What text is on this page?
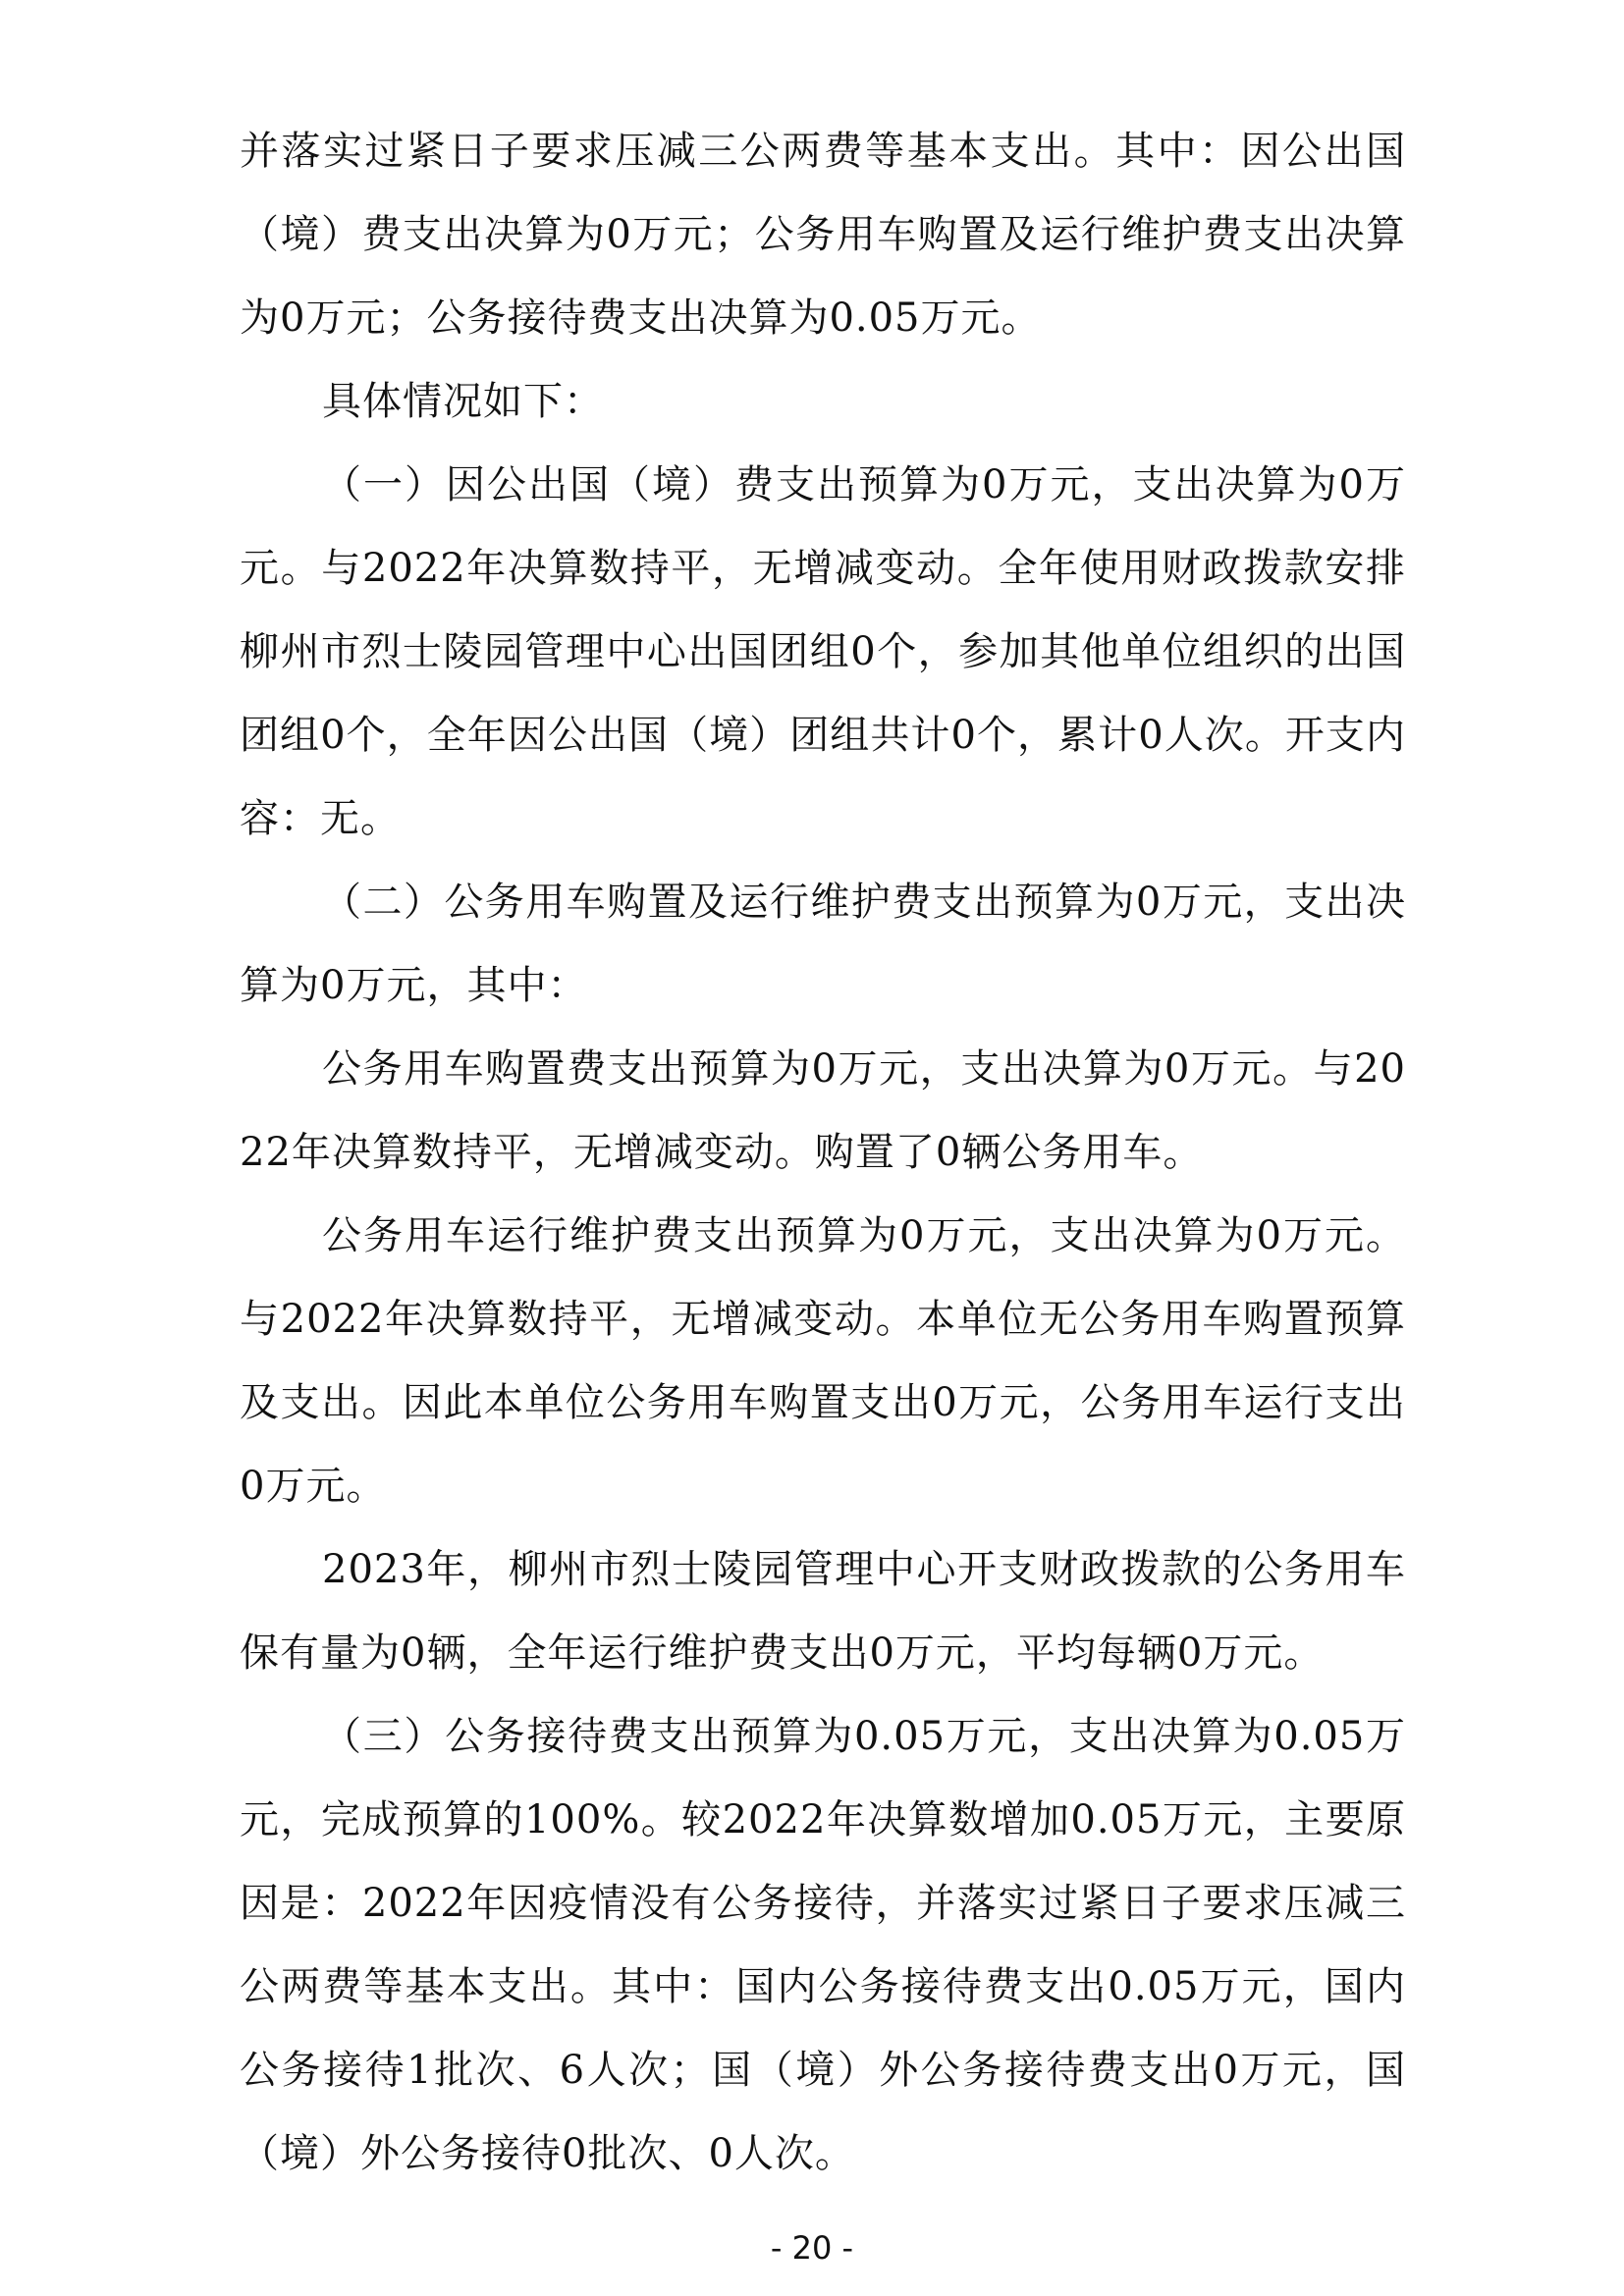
并落实过紧日子要求压减三公两费等基本支出。其中：因公出国（境）费支出决算为0万元；公务用车购置及运行维护费支出决算为0万元；公务接待费支出决算为0.05万元。

具体情况如下：

（一）因公出国（境）费支出预算为0万元，支出决算为0万元。与2022年决算数持平，无增减变动。全年使用财政拨款安排柳州市烈士陵园管理中心出国团组0个，参加其他单位组织的出国团组0个，全年因公出国（境）团组共计0个，累计0人次。开支内容：无。

（二）公务用车购置及运行维护费支出预算为0万元，支出决算为0万元，其中：

公务用车购置费支出预算为0万元，支出决算为0万元。与2022年决算数持平，无增减变动。购置了0辆公务用车。

公务用车运行维护费支出预算为0万元，支出决算为0万元。与2022年决算数持平，无增减变动。本单位无公务用车购置预算及支出。因此本单位公务用车购置支出0万元，公务用车运行支出0万元。

2023年，柳州市烈士陵园管理中心开支财政拨款的公务用车保有量为0辆，全年运行维护费支出0万元，平均每辆0万元。

（三）公务接待费支出预算为0.05万元，支出决算为0.05万元，完成预算的100%。较2022年决算数增加0.05万元，主要原因是：2022年因疫情没有公务接待，并落实过紧日子要求压减三公两费等基本支出。其中：国内公务接待费支出0.05万元，国内公务接待1批次、6人次；国（境）外公务接待费支出0万元，国（境）外公务接待0批次、0人次。

- 20 -
